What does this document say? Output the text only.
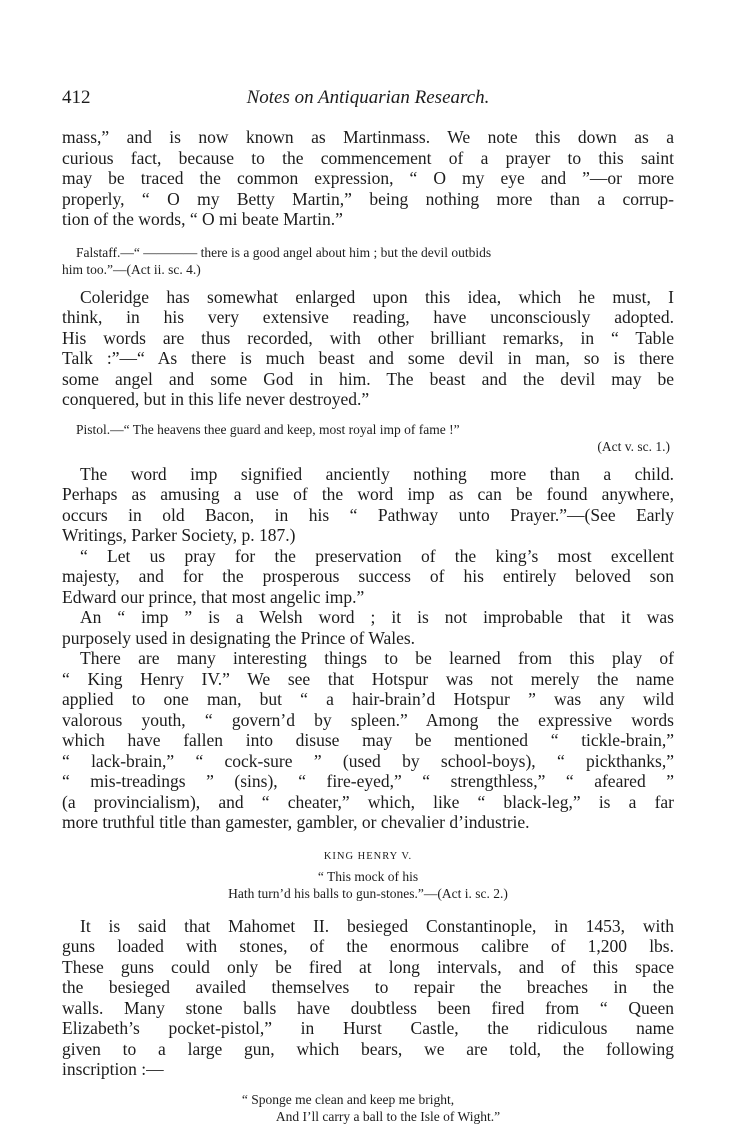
412	Notes on Antiquarian Research.
mass,” and is now known as Martinmass. We note this down as a
curious fact, because to the commencement of a prayer to this saint
may be traced the common expression, “ O my eye and ”—or more
properly, “ O my Betty Martin,” being nothing more than a corrup-
tion of the words, “ O mi beate Martin.”
Falstaff.—“ ———— there is a good angel about him ; but the devil outbids
him too.”—(Act ii. sc. 4.)
Coleridge has somewhat enlarged upon this idea, which he must, I
think, in his very extensive reading, have unconsciously adopted.
His words are thus recorded, with other brilliant remarks, in “ Table
Talk :”—“ As there is much beast and some devil in man, so is there
some angel and some God in him. The beast and the devil may be
conquered, but in this life never destroyed.”
Pistol.—“ The heavens thee guard and keep, most royal imp of fame !”
(Act v. sc. 1.)
The word imp signified anciently nothing more than a child.
Perhaps as amusing a use of the word imp as can be found anywhere,
occurs in old Bacon, in his “ Pathway unto Prayer.”—(See Early
Writings, Parker Society, p. 187.)
“ Let us pray for the preservation of the king’s most excellent
majesty, and for the prosperous success of his entirely beloved son
Edward our prince, that most angelic imp.”
An “ imp ” is a Welsh word ; it is not improbable that it was
purposely used in designating the Prince of Wales.
There are many interesting things to be learned from this play of
“ King Henry IV.” We see that Hotspur was not merely the name
applied to one man, but “ a hair-brain’d Hotspur ” was any wild
valorous youth, “ govern’d by spleen.” Among the expressive words
which have fallen into disuse may be mentioned “ tickle-brain,”
“ lack-brain,” “ cock-sure ” (used by school-boys), “ pickthanks,”
“ mis-treadings ” (sins), “ fire-eyed,” “ strengthless,” “ afeared ”
(a provincialism), and “ cheater,” which, like “ black-leg,” is a far
more truthful title than gamester, gambler, or chevalier d’industrie.
KING HENRY V.
“ This mock of his
Hath turn’d his balls to gun-stones.”—(Act i. sc. 2.)
It is said that Mahomet II. besieged Constantinople, in 1453, with
guns loaded with stones, of the enormous calibre of 1,200 lbs.
These guns could only be fired at long intervals, and of this space
the besieged availed themselves to repair the breaches in the
walls. Many stone balls have doubtless been fired from “ Queen
Elizabeth’s pocket-pistol,” in Hurst Castle, the ridiculous name
given to a large gun, which bears, we are told, the following
inscription :—
“ Sponge me clean and keep me bright,
And I’ll carry a ball to the Isle of Wight.”
